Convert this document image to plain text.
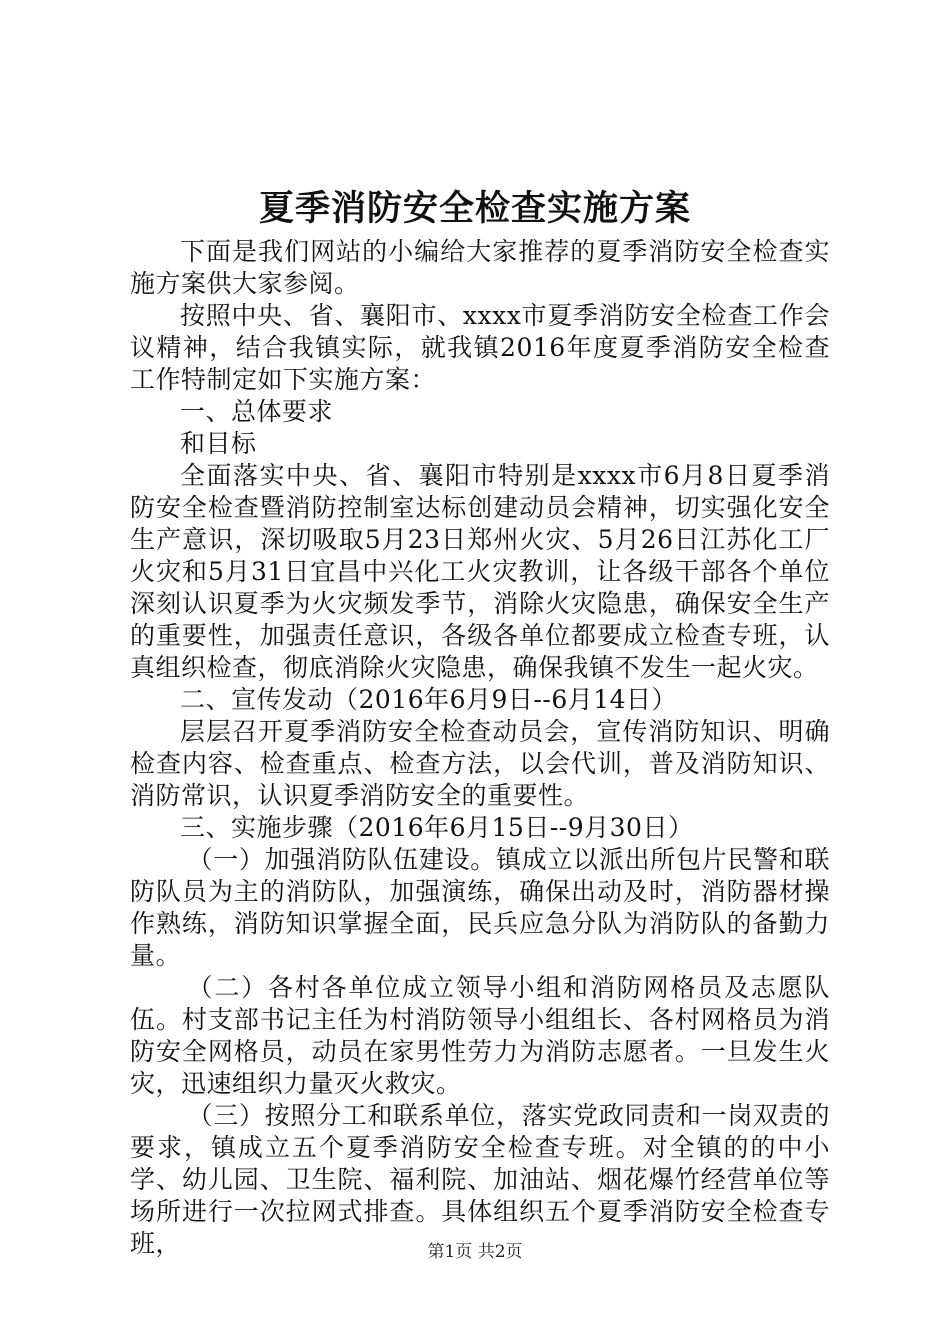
夏季消防安全检查实施方案

下面是我们网站的小编给大家推荐的夏季消防安全检查实施方案供大家参阅。

按照中央、省、襄阳市、xxxx市夏季消防安全检查工作会议精神，结合我镇实际，就我镇2016年度夏季消防安全检查工作特制定如下实施方案：

一、总体要求

和目标

全面落实中央、省、襄阳市特别是xxxx市6月8日夏季消防安全检查暨消防控制室达标创建动员会精神，切实强化安全生产意识，深切吸取5月23日郑州火灾、5月26日江苏化工厂火灾和5月31日宜昌中兴化工火灾教训，让各级干部各个单位深刻认识夏季为火灾频发季节，消除火灾隐患，确保安全生产的重要性，加强责任意识，各级各单位都要成立检查专班，认真组织检查，彻底消除火灾隐患，确保我镇不发生一起火灾。

二、宣传发动（2016年6月9日--6月14日）

层层召开夏季消防安全检查动员会，宣传消防知识、明确检查内容、检查重点、检查方法，以会代训，普及消防知识、消防常识，认识夏季消防安全的重要性。

三、实施步骤（2016年6月15日--9月30日）

（一）加强消防队伍建设。镇成立以派出所包片民警和联防队员为主的消防队，加强演练，确保出动及时，消防器材操作熟练，消防知识掌握全面，民兵应急分队为消防队的备勤力量。

（二）各村各单位成立领导小组和消防网格员及志愿队伍。村支部书记主任为村消防领导小组组长、各村网格员为消防安全网格员，动员在家男性劳力为消防志愿者。一旦发生火灾，迅速组织力量灭火救灾。

（三）按照分工和联系单位，落实党政同责和一岗双责的要求，镇成立五个夏季消防安全检查专班。对全镇的的中小学、幼儿园、卫生院、福利院、加油站、烟花爆竹经营单位等场所进行一次拉网式排查。具体组织五个夏季消防安全检查专班，	第1页 共2页
